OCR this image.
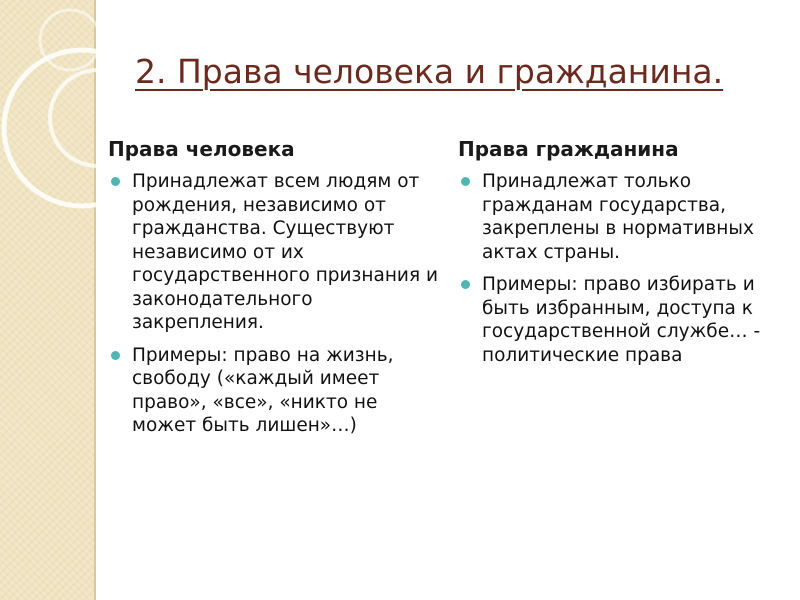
2. Права человека и гражданина.
Права человека
Принадлежат всем людям от рождения, независимо от гражданства. Существуют независимо от их государственного признания и законодательного закрепления.
Примеры: право на жизнь, свободу («каждый имеет право», «все», «никто не может быть лишен»…)
Права гражданина
Принадлежат только гражданам государства, закреплены в нормативных актах страны.
Примеры: право избирать и быть избранным, доступа к государственной службе… - политические права
